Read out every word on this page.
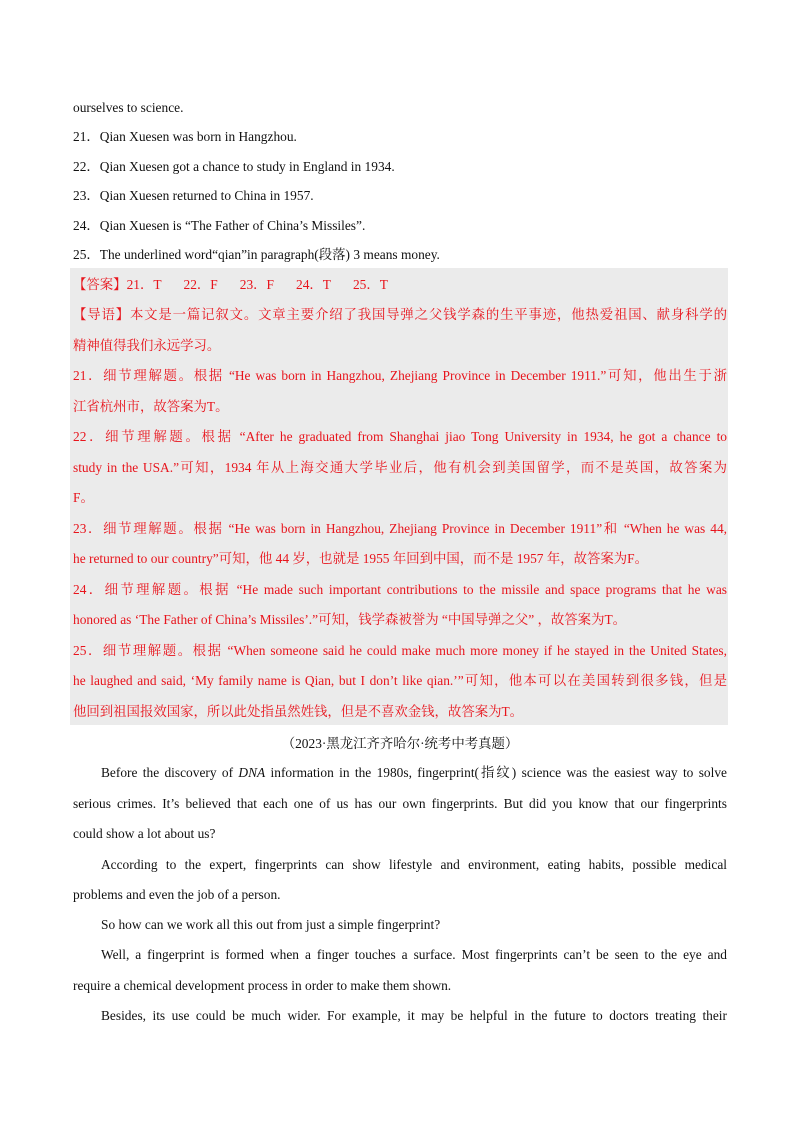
ourselves to science.
21．Qian Xuesen was born in Hangzhou.
22．Qian Xuesen got a chance to study in England in 1934.
23．Qian Xuesen returned to China in 1957.
24．Qian Xuesen is “The Father of China’s Missiles”.
25．The underlined word“qian”in paragraph(段落) 3 means money.
【答案】21．T 22．F 23．F 24．T 25．T
【导语】本文是一篇记叙文。文章主要介绍了我国导弹之父钱学森的生平事迹，他热爱祖国、献身科学的
精神值得我们永远学习。
21．细节理解题。根据 “He was born in Hangzhou, Zhejiang Province in December 1911.”可知，他出生于浙
江省杭州市，故答案为T。
22．细节理解题。根据 “After he graduated from Shanghai jiao Tong University in 1934, he got a chance to
study in the USA.”可知，1934 年从上海交通大学毕业后，他有机会到美国留学，而不是英国，故答案为
F。
23．细节理解题。根据 “He was born in Hangzhou, Zhejiang Province in December 1911”和 “When he was 44,
he returned to our country”可知，他 44 岁，也就是 1955 年回到中国，而不是 1957 年，故答案为F。
24．细节理解题。根据 “He made such important contributions to the missile and space programs that he was
honored as ‘The Father of China’s Missiles’.”可知，钱学森被誉为 “中国导弹之父” ，故答案为T。
25．细节理解题。根据 “When someone said he could make much more money if he stayed in the United States,
he laughed and said, ‘My family name is Qian, but I don’t like qian.’”可知，他本可以在美国转到很多钱，但是
他回到祖国报效国家，所以此处指虽然姓钱，但是不喜欢金钱，故答案为T。
（2023·黑龙江齐齐哈尔·统考中考真题）
Before the discovery of DNA information in the 1980s, fingerprint(指纹) science was the easiest way to solve
serious crimes. It’s believed that each one of us has our own fingerprints. But did you know that our fingerprints
could show a lot about us?
According to the expert, fingerprints can show lifestyle and environment, eating habits, possible medical
problems and even the job of a person.
So how can we work all this out from just a simple fingerprint?
Well, a fingerprint is formed when a finger touches a surface. Most fingerprints can’t be seen to the eye and
require a chemical development process in order to make them shown.
Besides, its use could be much wider. For example, it may be helpful in the future to doctors treating their
